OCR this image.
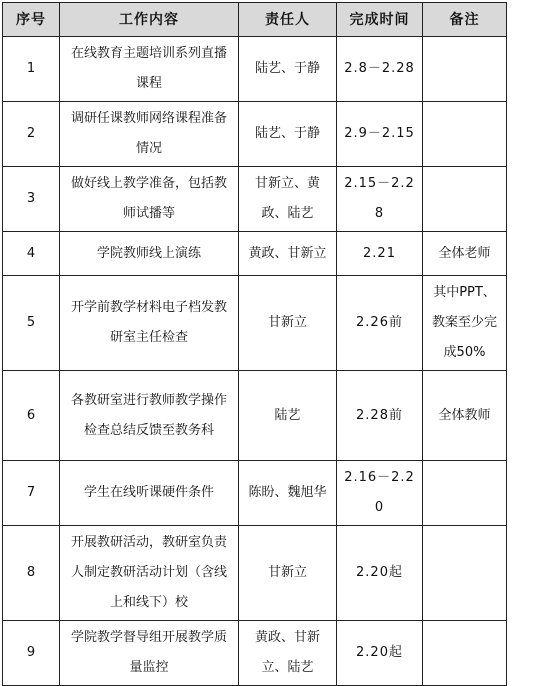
序号	工作内容	责任人	完成时间	备注
1	在线教育主题培训系列直播课程	陆艺、于静	2.8－2.28	
2	调研任课教师网络课程准备情况	陆艺、于静	2.9－2.15	
3	做好线上教学准备，包括教师试播等	甘新立、黄政、陆艺	2.15－2.28	
4	学院教师线上演练	黄政、甘新立	2.21	全体老师
5	开学前教学材料电子档发教研室主任检查	甘新立	2.26前	其中PPT、教案至少完成50%
6	各教研室进行教师教学操作检查总结反馈至教务科	陆艺	2.28前	全体教师
7	学生在线听课硬件条件	陈盼、魏旭华	2.16－2.20	
8	开展教研活动，教研室负责人制定教研活动计划（含线上和线下）校	甘新立	2.20起	
9	学院教学督导组开展教学质量监控	黄政、甘新立、陆艺	2.20起	
